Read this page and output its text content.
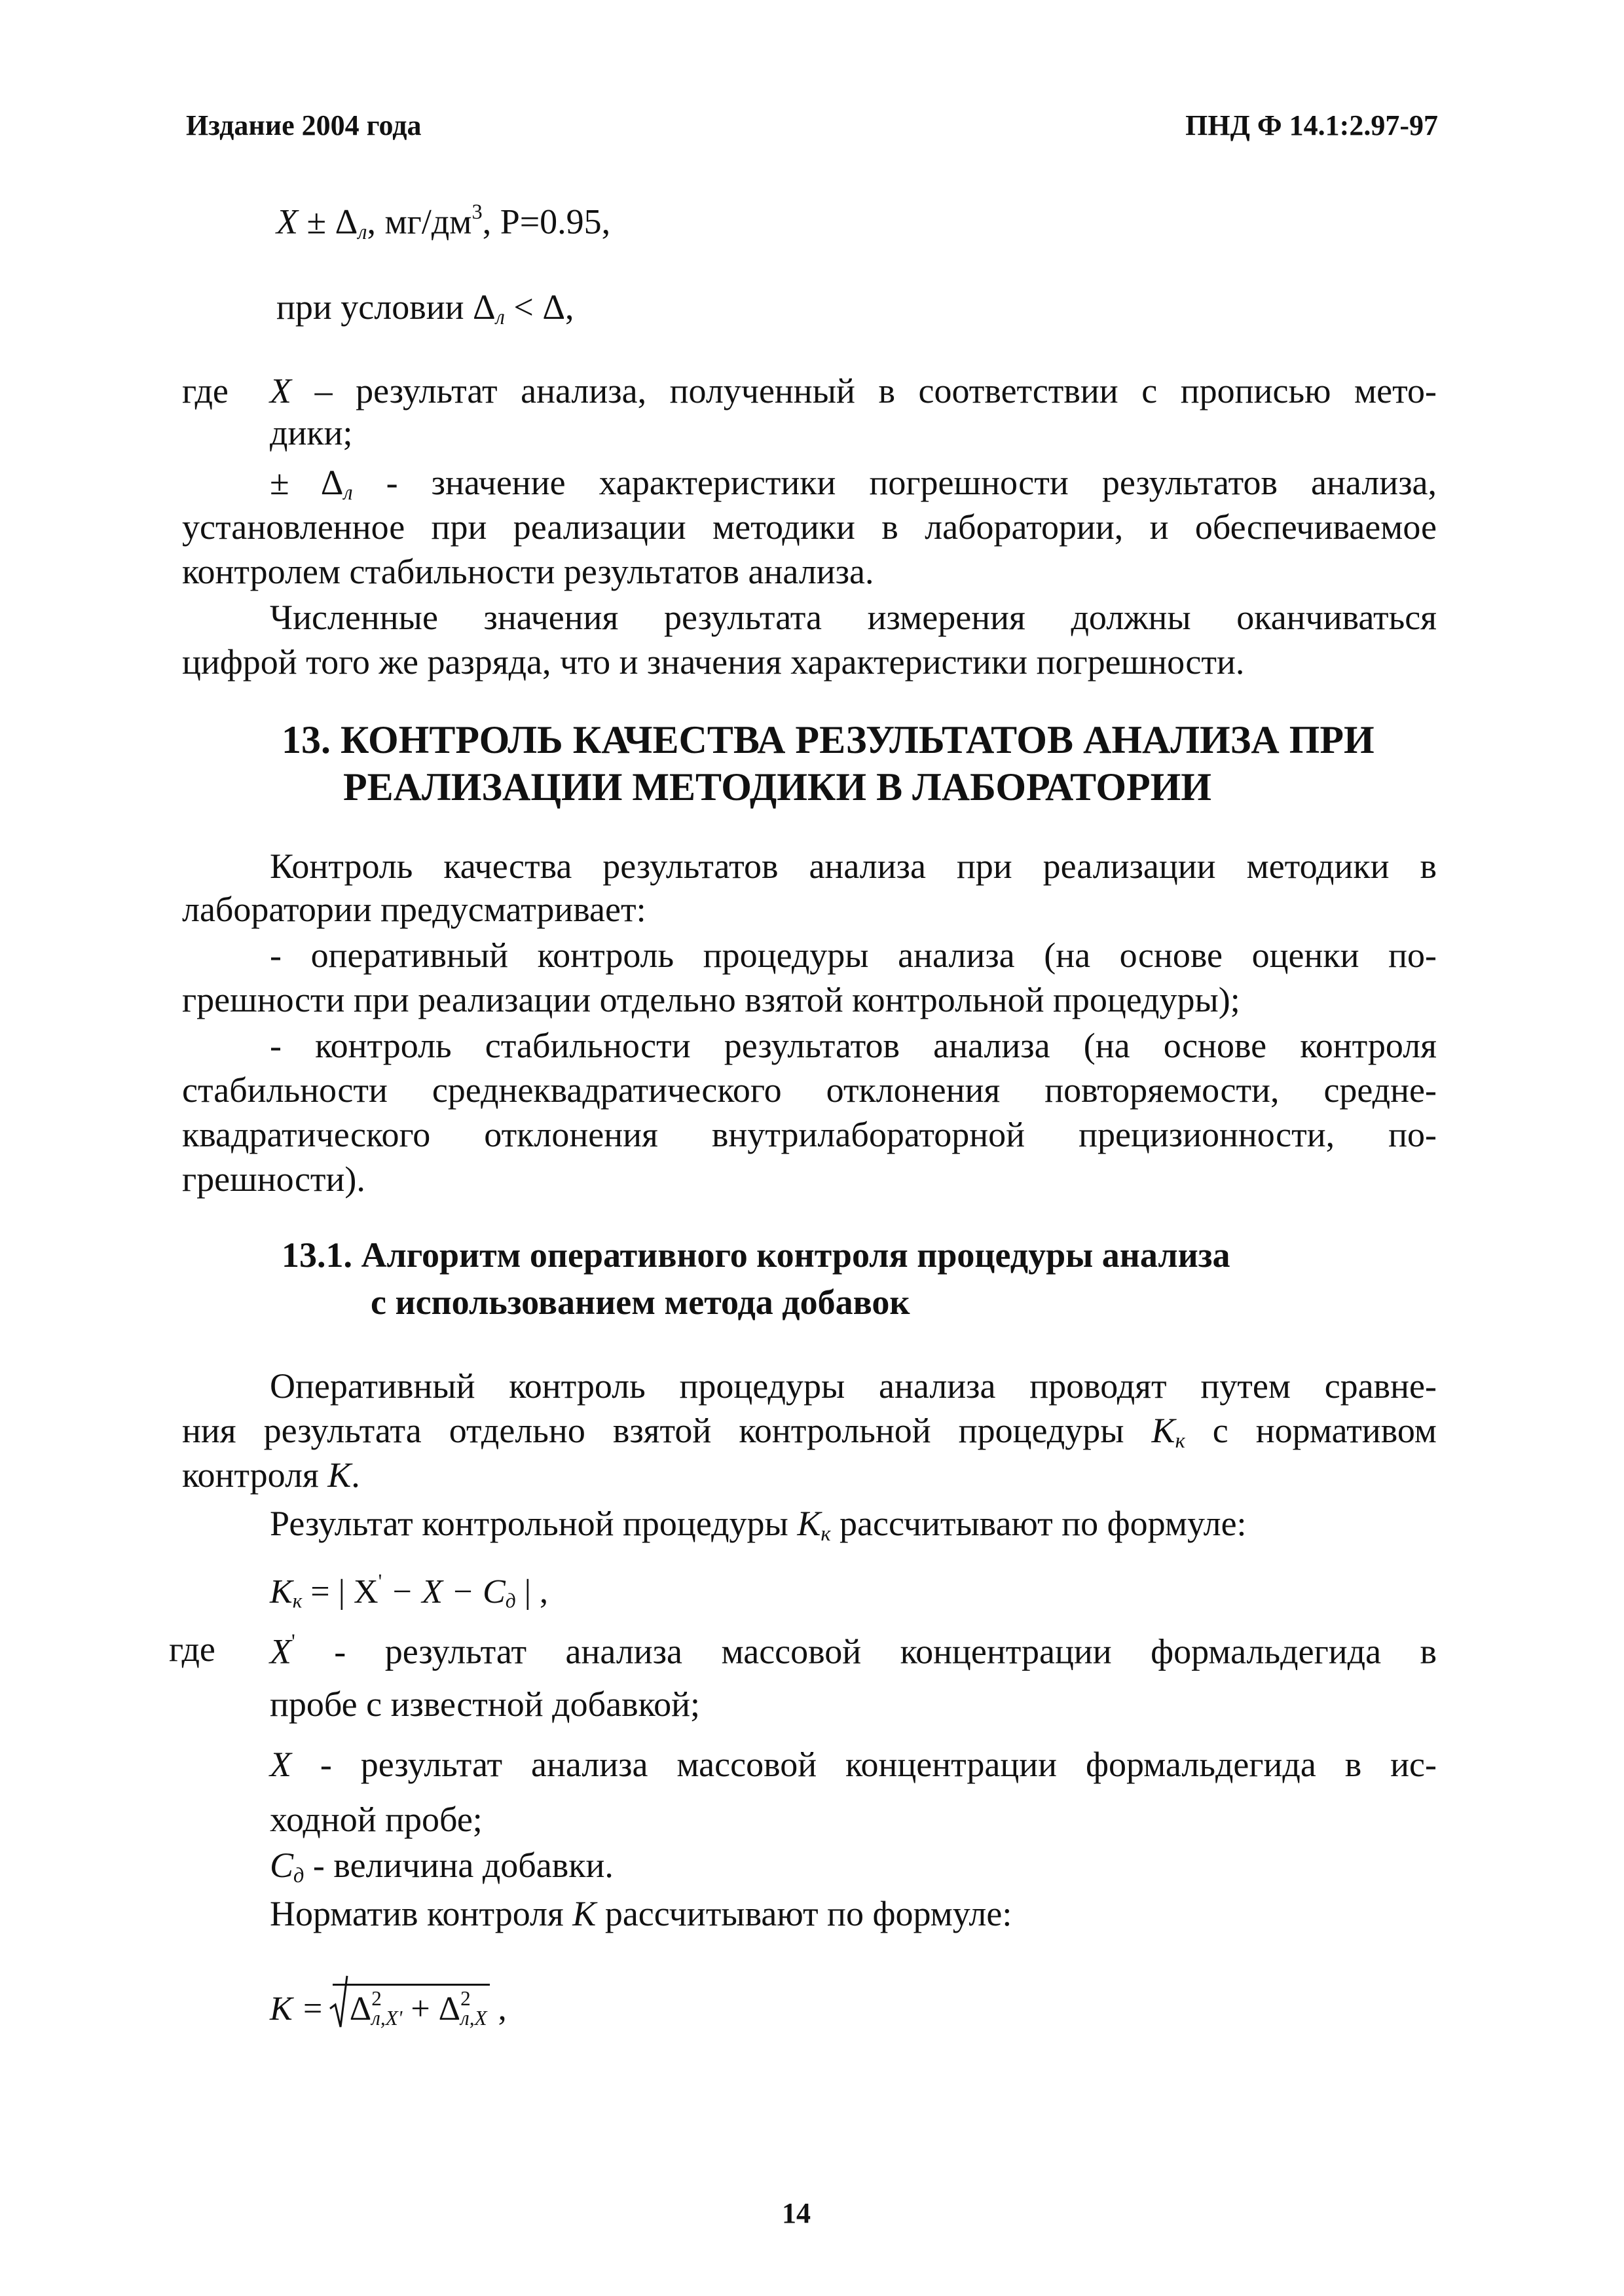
Издание 2004 года	ПНД Ф 14.1:2.97-97
$X \pm \Delta_л$, $мг/дм^3$, P=0.95,
при условии $\Delta_л < \Delta$,
где X – результат анализа, полученный в соответствии с прописью мето-
дики;
± $\Delta_л$ - значение характеристики погрешности результатов анализа,
установленное при реализации методики в лаборатории, и обеспечиваемое
контролем стабильности результатов анализа.
Численные значения результата измерения должны оканчиваться
цифрой того же разряда, что и значения характеристики погрешности.
13. КОНТРОЛЬ КАЧЕСТВА РЕЗУЛЬТАТОВ АНАЛИЗА ПРИ
РЕАЛИЗАЦИИ МЕТОДИКИ В ЛАБОРАТОРИИ
Контроль качества результатов анализа при реализации методики в
лаборатории предусматривает:
- оперативный контроль процедуры анализа (на основе оценки по-
грешности при реализации отдельно взятой контрольной процедуры);
- контроль стабильности результатов анализа (на основе контроля
стабильности среднеквадратического отклонения повторяемости, средне-
квадратического отклонения внутрилабораторной прецизионности, по-
грешности).
13.1. Алгоритм оперативного контроля процедуры анализа
с использованием метода добавок
Оперативный контроль процедуры анализа проводят путем сравне-
ния результата отдельно взятой контрольной процедуры $K_к$ с нормативом
контроля K.
Результат контрольной процедуры $K_к$ рассчитывают по формуле:
$K_к$ = | $X' - X - C_д$ | ,
где X' - результат анализа массовой концентрации формальдегида в
пробе с известной добавкой;
X - результат анализа массовой концентрации формальдегида в ис-
ходной пробе;
$C_д$ - величина добавки.
Норматив контроля K рассчитывают по формуле:
K =
$\Delta^2_{л,X'} + \Delta^2_{л,X}$ ,
14
